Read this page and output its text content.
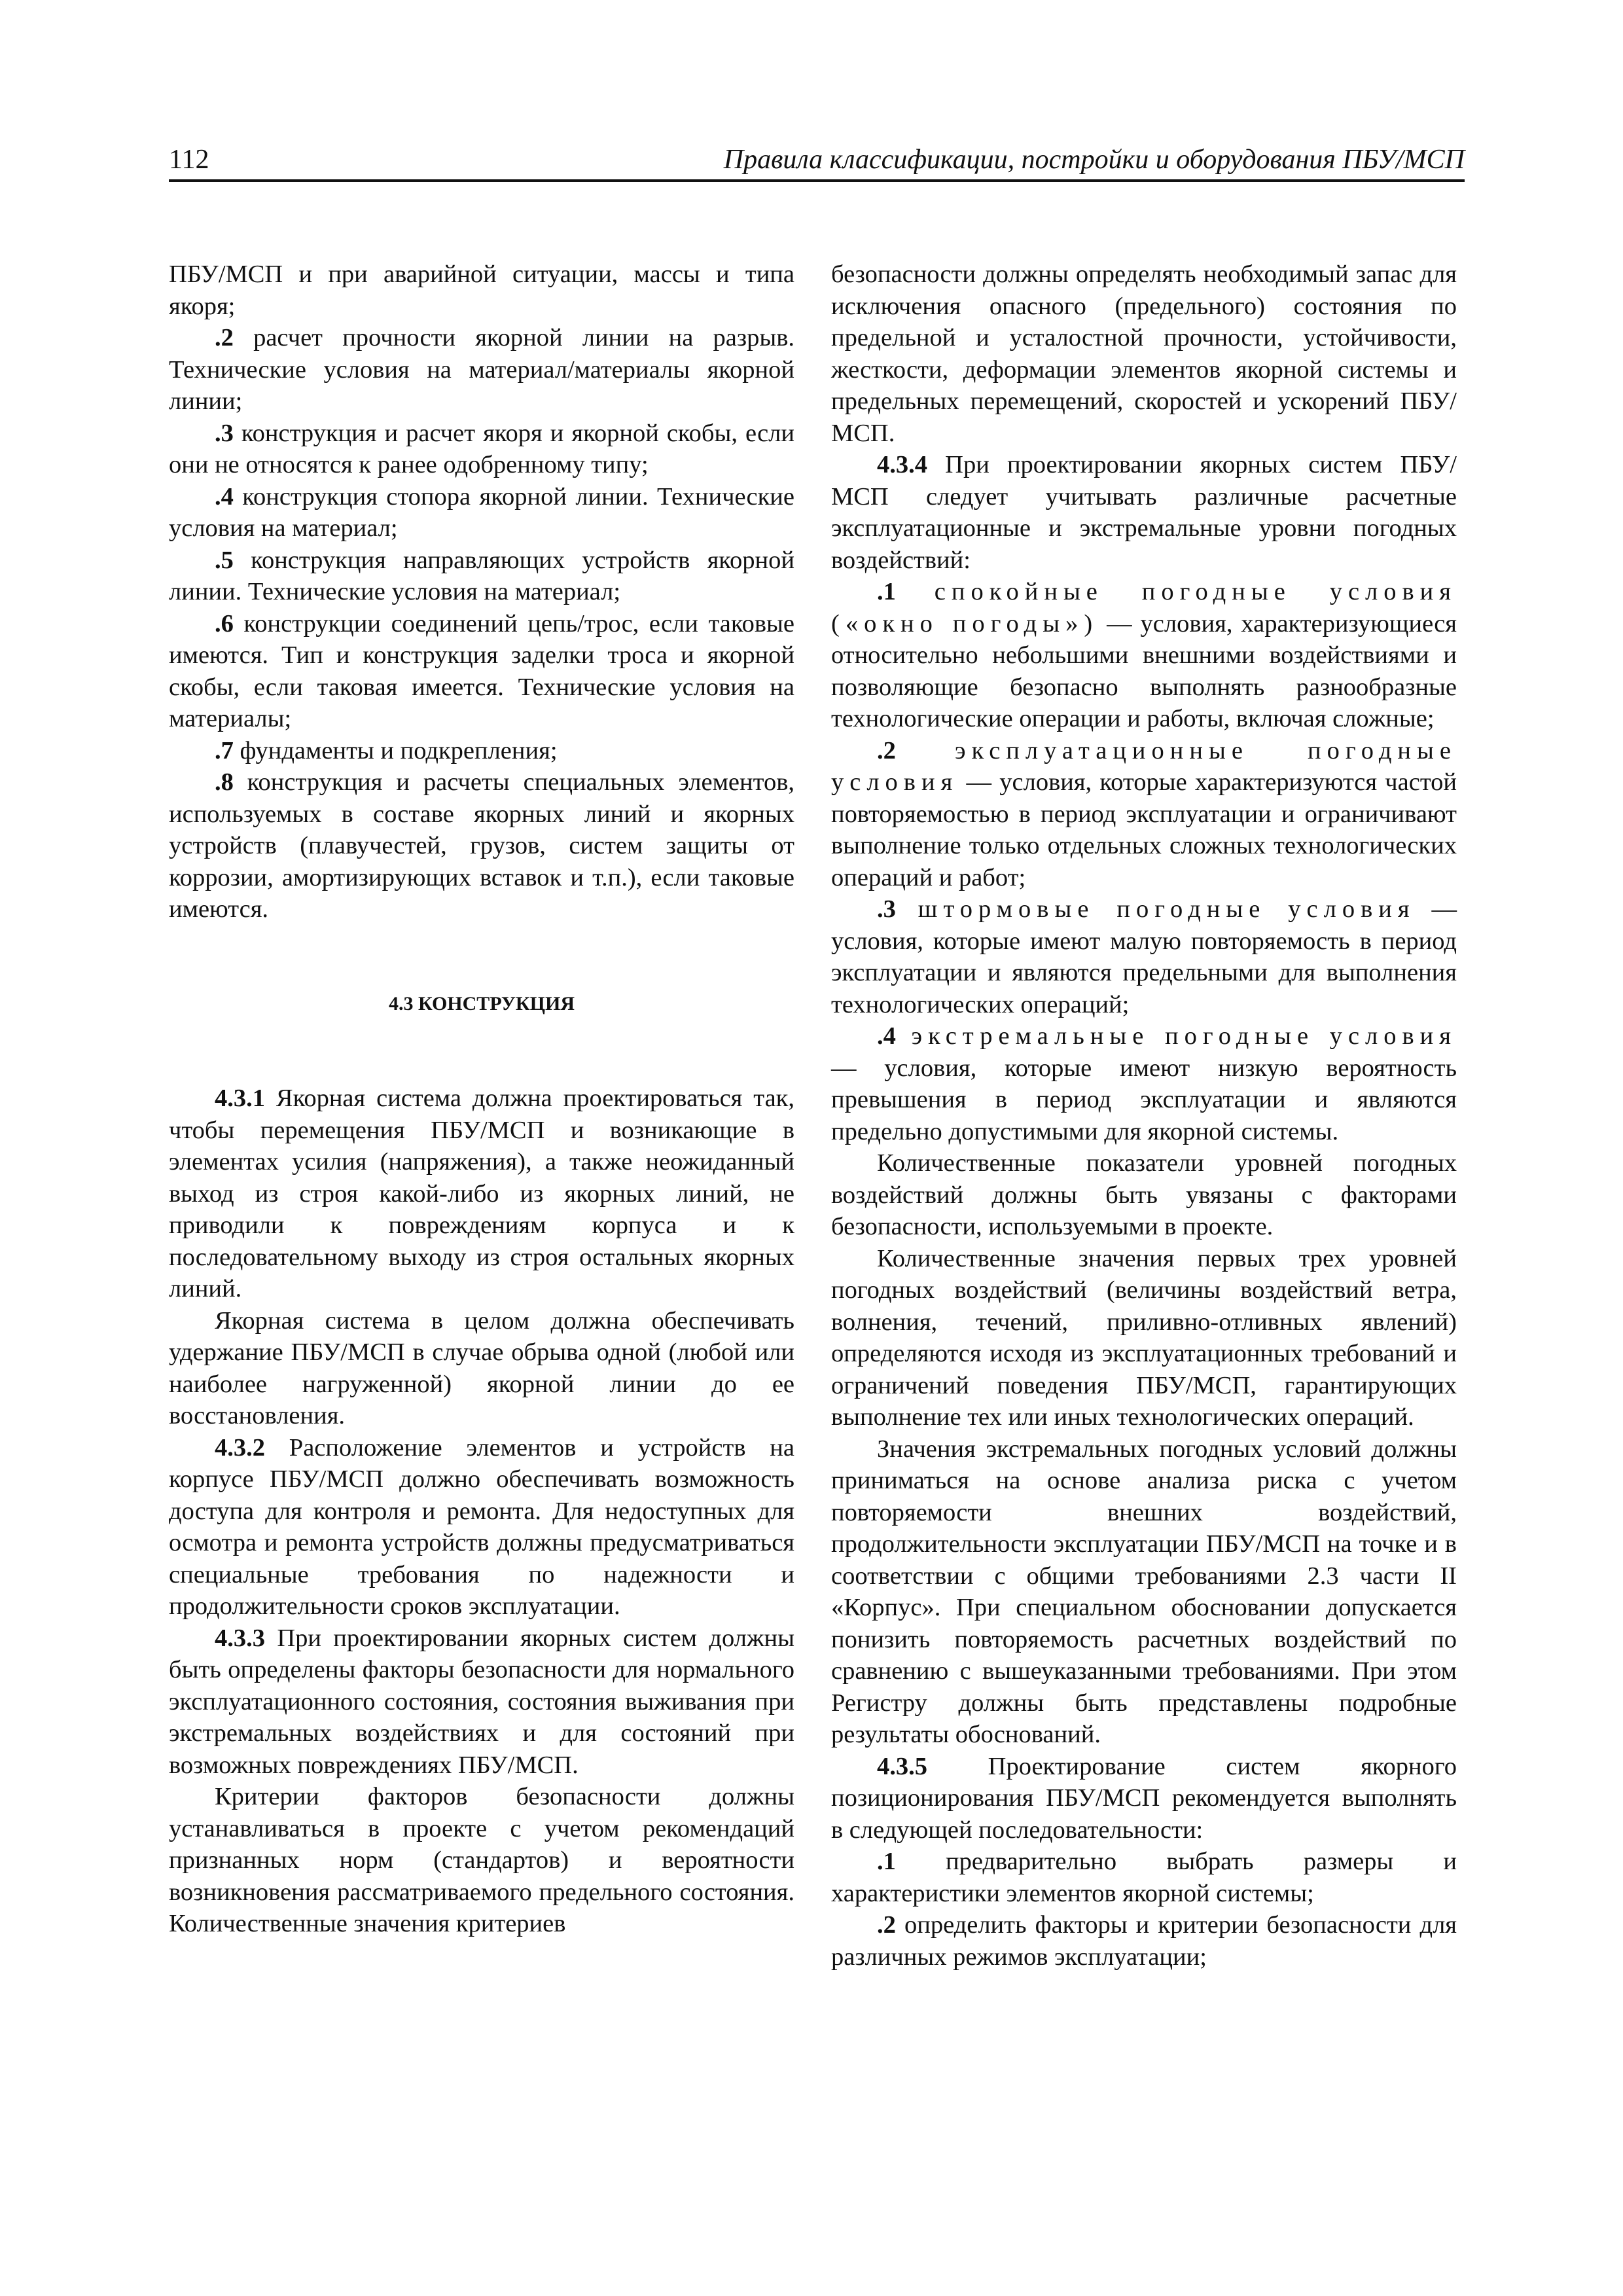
112	Правила классификации, постройки и оборудования ПБУ/МСП

ПБУ/МСП и при аварийной ситуации, массы и типа якоря;

.2 расчет прочности якорной линии на разрыв. Технические условия на материал/материалы якорной линии;

.3 конструкция и расчет якоря и якорной скобы, если они не относятся к ранее одобренному типу;

.4 конструкция стопора якорной линии. Технические условия на материал;

.5 конструкция направляющих устройств якорной линии. Технические условия на материал;

.6 конструкции соединений цепь/трос, если таковые имеются. Тип и конструкция заделки троса и якорной скобы, если таковая имеется. Технические условия на материалы;

.7 фундаменты и подкрепления;

.8 конструкция и расчеты специальных элементов, используемых в составе якорных линий и якорных устройств (плавучестей, грузов, систем защиты от коррозии, амортизирующих вставок и т.п.), если таковые имеются.

4.3 КОНСТРУКЦИЯ

4.3.1 Якорная система должна проектироваться так, чтобы перемещения ПБУ/МСП и возникающие в элементах усилия (напряжения), а также неожиданный выход из строя какой-либо из якорных линий, не приводили к повреждениям корпуса и к последовательному выходу из строя остальных якорных линий.

Якорная система в целом должна обеспечивать удержание ПБУ/МСП в случае обрыва одной (любой или наиболее нагруженной) якорной линии до ее восстановления.

4.3.2 Расположение элементов и устройств на корпусе ПБУ/МСП должно обеспечивать возможность доступа для контроля и ремонта. Для недоступных для осмотра и ремонта устройств должны предусматриваться специальные требования по надежности и продолжительности сроков эксплуатации.

4.3.3 При проектировании якорных систем должны быть определены факторы безопасности для нормального эксплуатационного состояния, состояния выживания при экстремальных воздействиях и для состояний при возможных повреждениях ПБУ/МСП.

Критерии факторов безопасности должны устанавливаться в проекте с учетом рекомендаций признанных норм (стандартов) и вероятности возникновения рассматриваемого предельного состояния. Количественные значения критериев

безопасности должны определять необходимый запас для исключения опасного (предельного) состояния по предельной и усталостной прочности, устойчивости, жесткости, деформации элементов якорной системы и предельных перемещений, скоростей и ускорений ПБУ/МСП.

4.3.4 При проектировании якорных систем ПБУ/МСП следует учитывать различные расчетные эксплуатационные и экстремальные уровни погодных воздействий:

.1 спокойные погодные условия («окно погоды») — условия, характеризующиеся относительно небольшими внешними воздействиями и позволяющие безопасно выполнять разнообразные технологические операции и работы, включая сложные;

.2 эксплуатационные погодные условия — условия, которые характеризуются частой повторяемостью в период эксплуатации и ограничивают выполнение только отдельных сложных технологических операций и работ;

.3 штормовые погодные условия — условия, которые имеют малую повторяемость в период эксплуатации и являются предельными для выполнения технологических операций;

.4 экстремальные погодные условия — условия, которые имеют низкую вероятность превышения в период эксплуатации и являются предельно допустимыми для якорной системы.

Количественные показатели уровней погодных воздействий должны быть увязаны с факторами безопасности, используемыми в проекте.

Количественные значения первых трех уровней погодных воздействий (величины воздействий ветра, волнения, течений, приливно-отливных явлений) определяются исходя из эксплуатационных требований и ограничений поведения ПБУ/МСП, гарантирующих выполнение тех или иных технологических операций.

Значения экстремальных погодных условий должны приниматься на основе анализа риска с учетом повторяемости внешних воздействий, продолжительности эксплуатации ПБУ/МСП на точке и в соответствии с общими требованиями 2.3 части II «Корпус». При специальном обосновании допускается понизить повторяемость расчетных воздействий по сравнению с вышеуказанными требованиями. При этом Регистру должны быть представлены подробные результаты обоснований.

4.3.5 Проектирование систем якорного позиционирования ПБУ/МСП рекомендуется выполнять в следующей последовательности:

.1 предварительно выбрать размеры и характеристики элементов якорной системы;

.2 определить факторы и критерии безопасности для различных режимов эксплуатации;
